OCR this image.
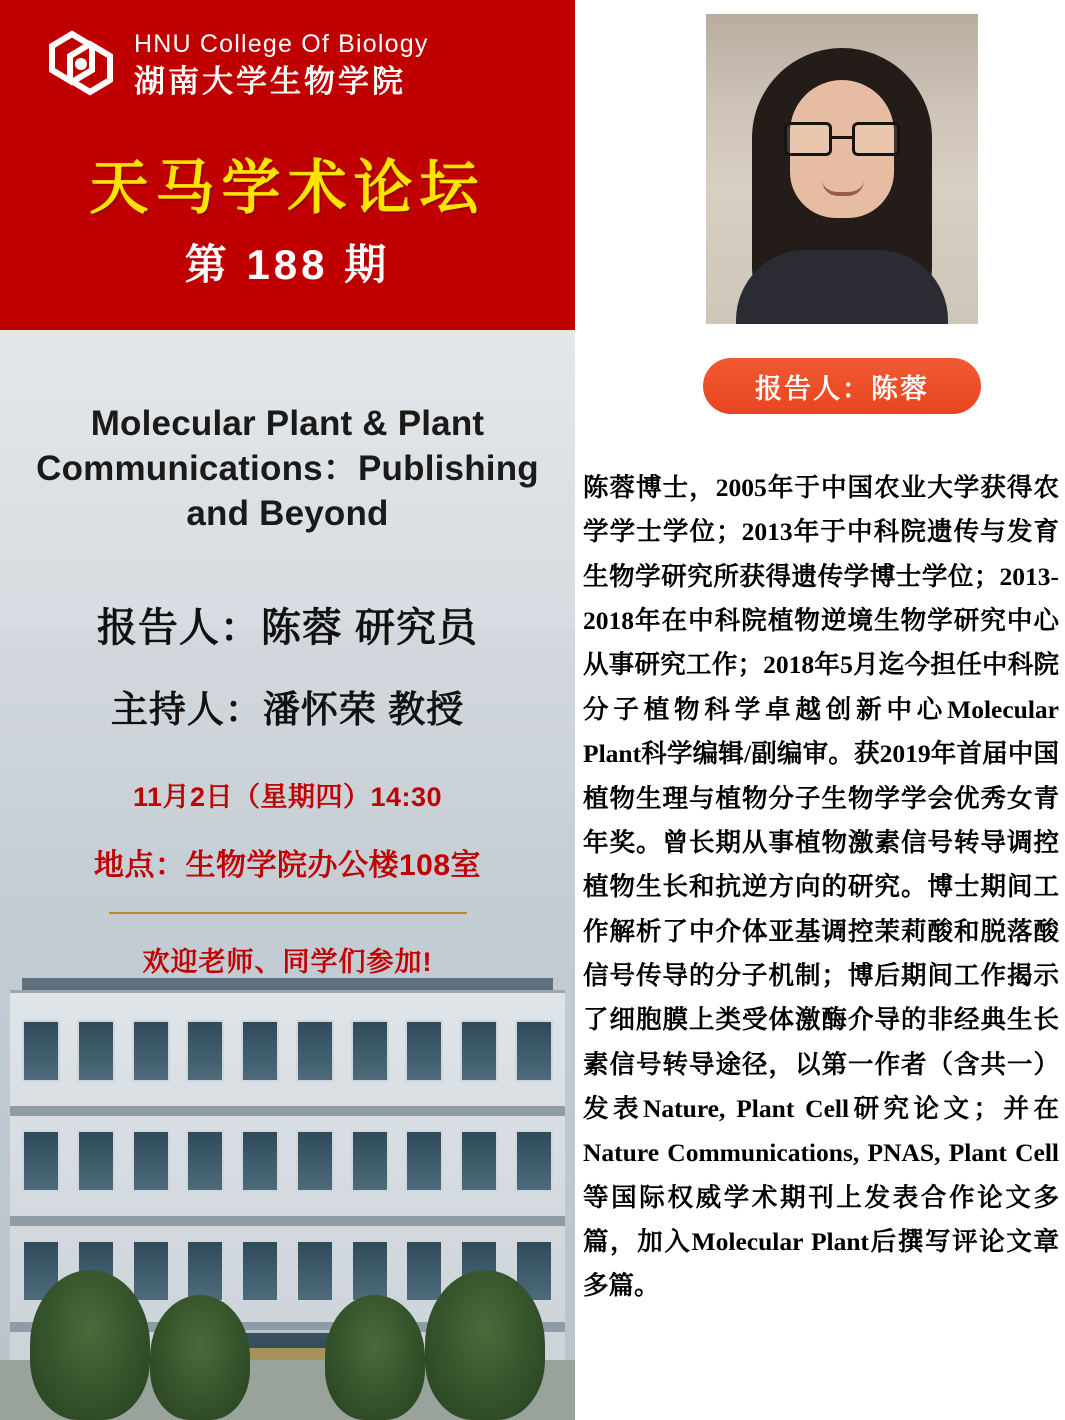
HNU College Of Biology
湖南大学生物学院
天马学术论坛
第 188 期
Molecular Plant & Plant Communications：Publishing and Beyond
报告人：陈蓉 研究员
主持人：潘怀荣 教授
11月2日（星期四）14:30
地点：生物学院办公楼108室
欢迎老师、同学们参加!
报告人：陈蓉
陈蓉博士，2005年于中国农业大学获得农学学士学位；2013年于中科院遗传与发育生物学研究所获得遗传学博士学位；2013-2018年在中科院植物逆境生物学研究中心从事研究工作；2018年5月迄今担任中科院分子植物科学卓越创新中心Molecular Plant科学编辑/副编审。获2019年首届中国植物生理与植物分子生物学学会优秀女青年奖。曾长期从事植物激素信号转导调控植物生长和抗逆方向的研究。博士期间工作解析了中介体亚基调控茉莉酸和脱落酸信号传导的分子机制；博后期间工作揭示了细胞膜上类受体激酶介导的非经典生长素信号转导途径，以第一作者（含共一）发表Nature, Plant Cell研究论文；并在Nature Communications, PNAS, Plant Cell等国际权威学术期刊上发表合作论文多篇，加入Molecular Plant后撰写评论文章多篇。
